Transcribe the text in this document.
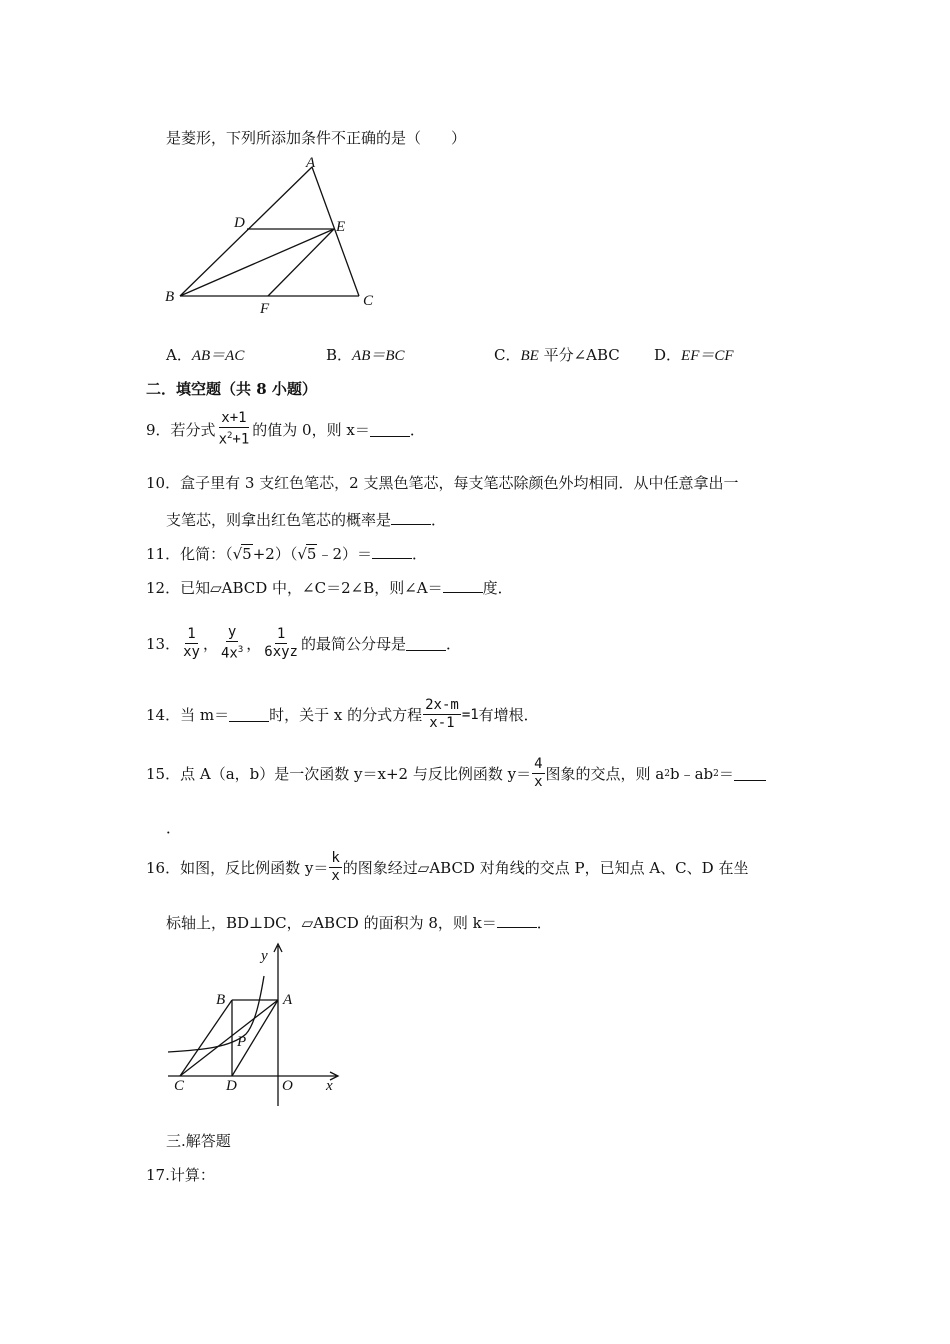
是菱形，下列所添加条件不正确的是（　　）
A
B	C
D	E
F
A．AB＝AC	B．AB＝BC	C．BE 平分∠ABC D．EF＝CF
二．填空题（共 8 小题）
9． 若分式 $\frac{x+1}{x^2+1}$ 的值为 0，则 x＝	．
10．盒子里有 3 支红色笔芯，2 支黑色笔芯，每支笔芯除颜色外均相同．从中任意拿出一
支笔芯，则拿出红色笔芯的概率是	．
11．化简：（√5+2）（√5﹣2）＝	．
12．已知▱ABCD 中，∠C＝2∠B，则∠A＝	度．
13． $\frac{1}{xy}$ ， $\frac{y}{4x^3}$ ， $\frac{1}{\text{6xyz}}$ 的最简公分母是	．
14． 当 m＝	时，关于 x 的分式方程 $\frac{2x-m}{x-1} =1$ 有增根．
15． 点 A（a，b）是一次函数 y＝x+2 与反比例函数 $y= \frac{4}{x}$ 图象的交点，则 a 2 b﹣ab 2 ＝
．
16． 如图，反比例函数 $y= \frac{k}{x}$ 的图象经过▱ABCD 对角线的交点 P，已知点 A、C、D 在坐
标轴上，BD⊥DC，▱ABCD 的面积为 8，则 k＝	．
y
x
A
B
C	D	O
P
三.解答题
17.计算：
